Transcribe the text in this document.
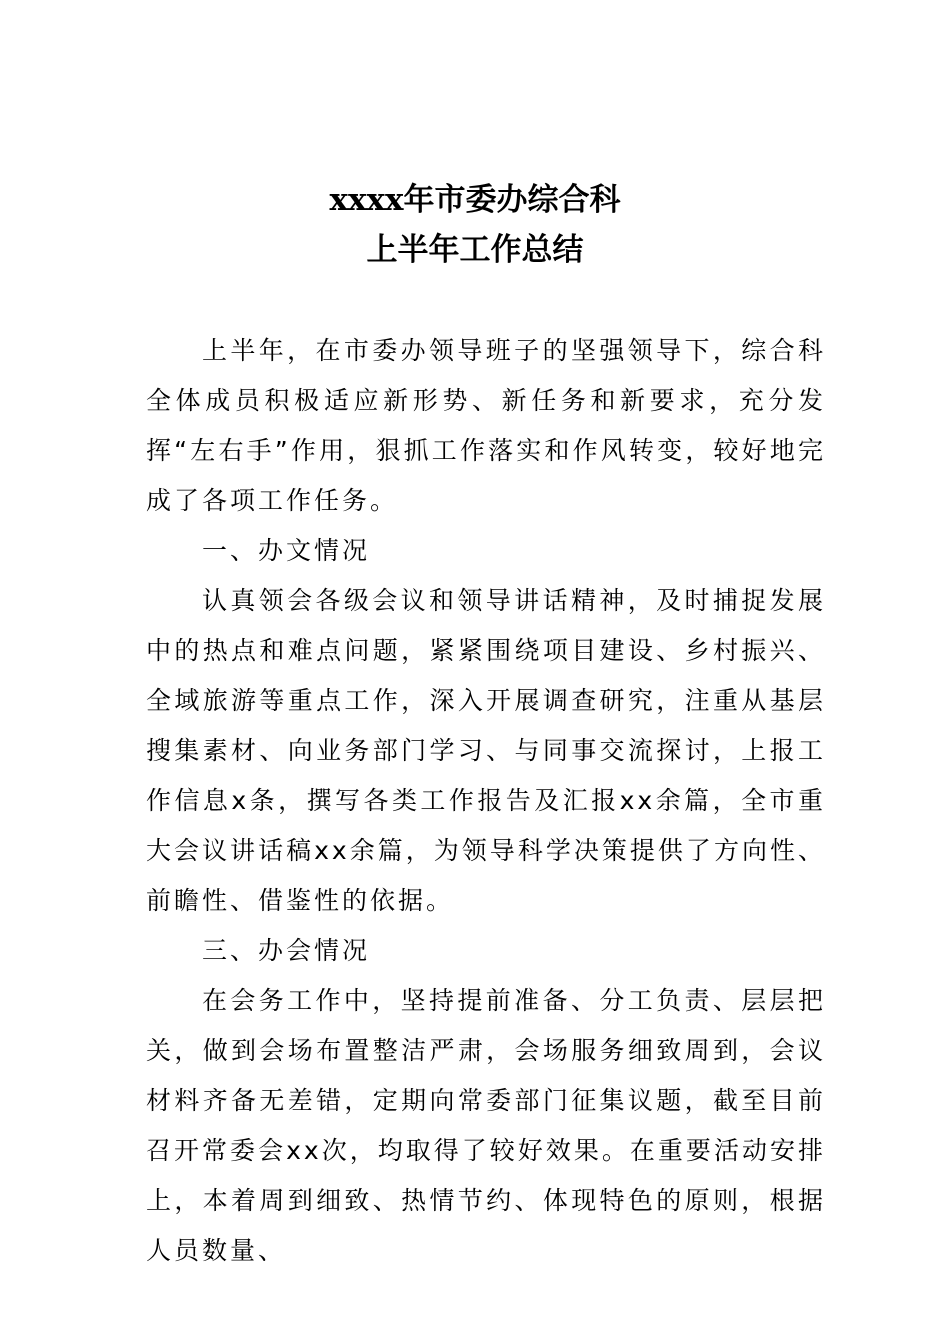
xxxx年市委办综合科
上半年工作总结

上半年，在市委办领导班子的坚强领导下，综合科全体成员积极适应新形势、新任务和新要求，充分发挥“左右手”作用，狠抓工作落实和作风转变，较好地完成了各项工作任务。

一、办文情况

认真领会各级会议和领导讲话精神，及时捕捉发展中的热点和难点问题，紧紧围绕项目建设、乡村振兴、全域旅游等重点工作，深入开展调查研究，注重从基层搜集素材、向业务部门学习、与同事交流探讨，上报工作信息x条，撰写各类工作报告及汇报xx余篇，全市重大会议讲话稿xx余篇，为领导科学决策提供了方向性、前瞻性、借鉴性的依据。

三、办会情况

在会务工作中，坚持提前准备、分工负责、层层把关，做到会场布置整洁严肃，会场服务细致周到，会议材料齐备无差错，定期向常委部门征集议题，截至目前召开常委会xx次，均取得了较好效果。在重要活动安排上，本着周到细致、热情节约、体现特色的原则，根据人员数量、
